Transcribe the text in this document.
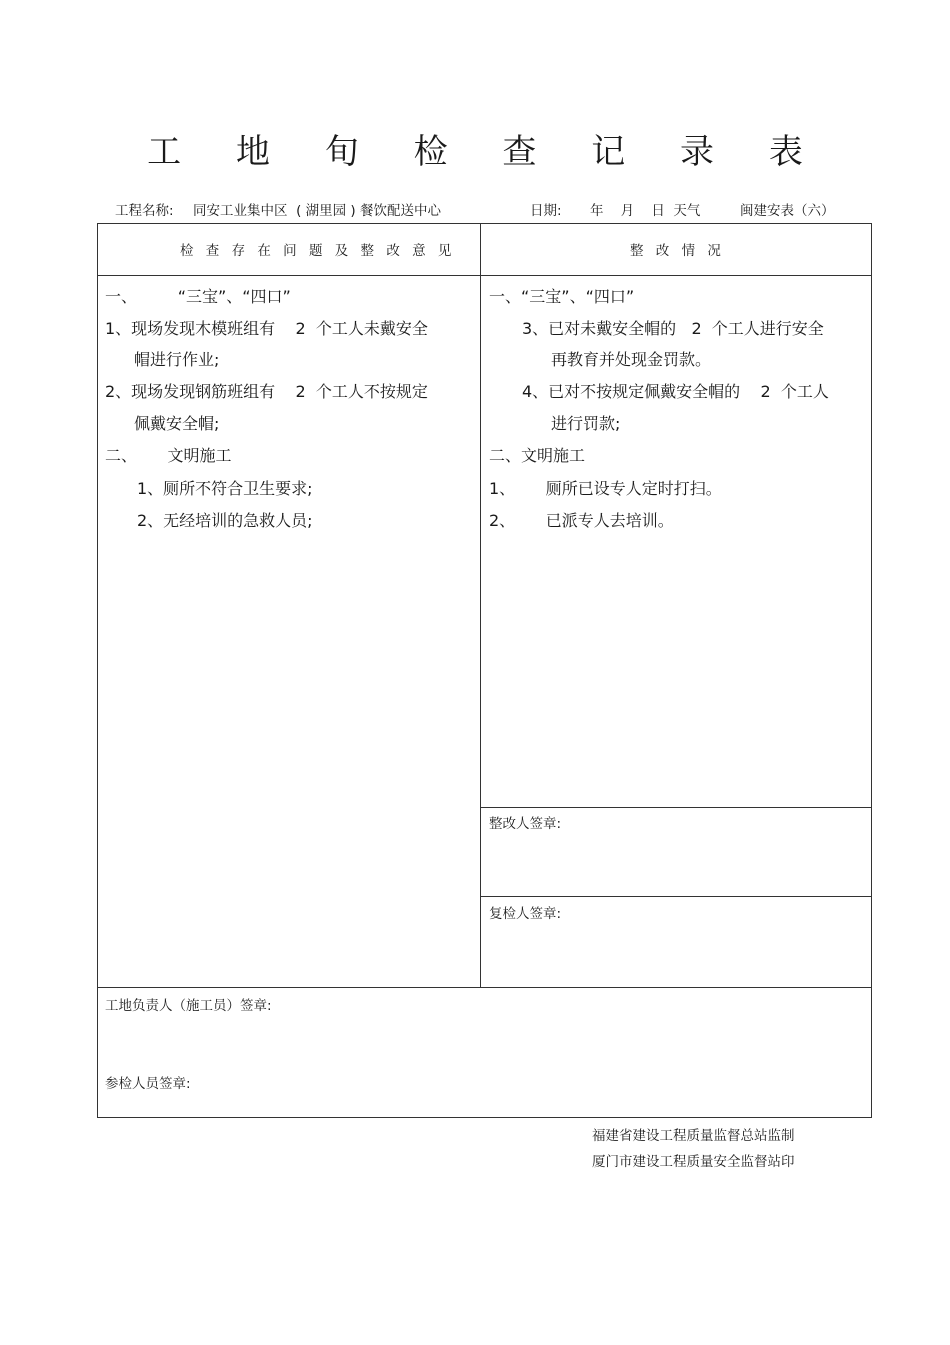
工 地 旬 检 查 记 录 表
工程名称: 同安工业集中区  ( 湖里园 ) 餐饮配送中心	日期: 年    月    日  天气	闽建安表（六）
检 查 存 在 问 题 及 整 改 意 见	整 改 情 况
一、        “三宝”、“四口”
1、现场发现木模班组有    2  个工人未戴安全
帽进行作业;
2、现场发现钢筋班组有    2  个工人不按规定
佩戴安全帽;
二、      文明施工
1、厕所不符合卫生要求;
2、无经培训的急救人员;
一、“三宝”、“四口”
3、已对未戴安全帽的   2  个工人进行安全
再教育并处现金罚款。
4、已对不按规定佩戴安全帽的    2  个工人
进行罚款;
二、文明施工
1、      厕所已设专人定时打扫。
2、      已派专人去培训。
整改人签章:
复检人签章:
工地负责人（施工员）签章:
参检人员签章:
福建省建设工程质量监督总站监制
厦门市建设工程质量安全监督站印
